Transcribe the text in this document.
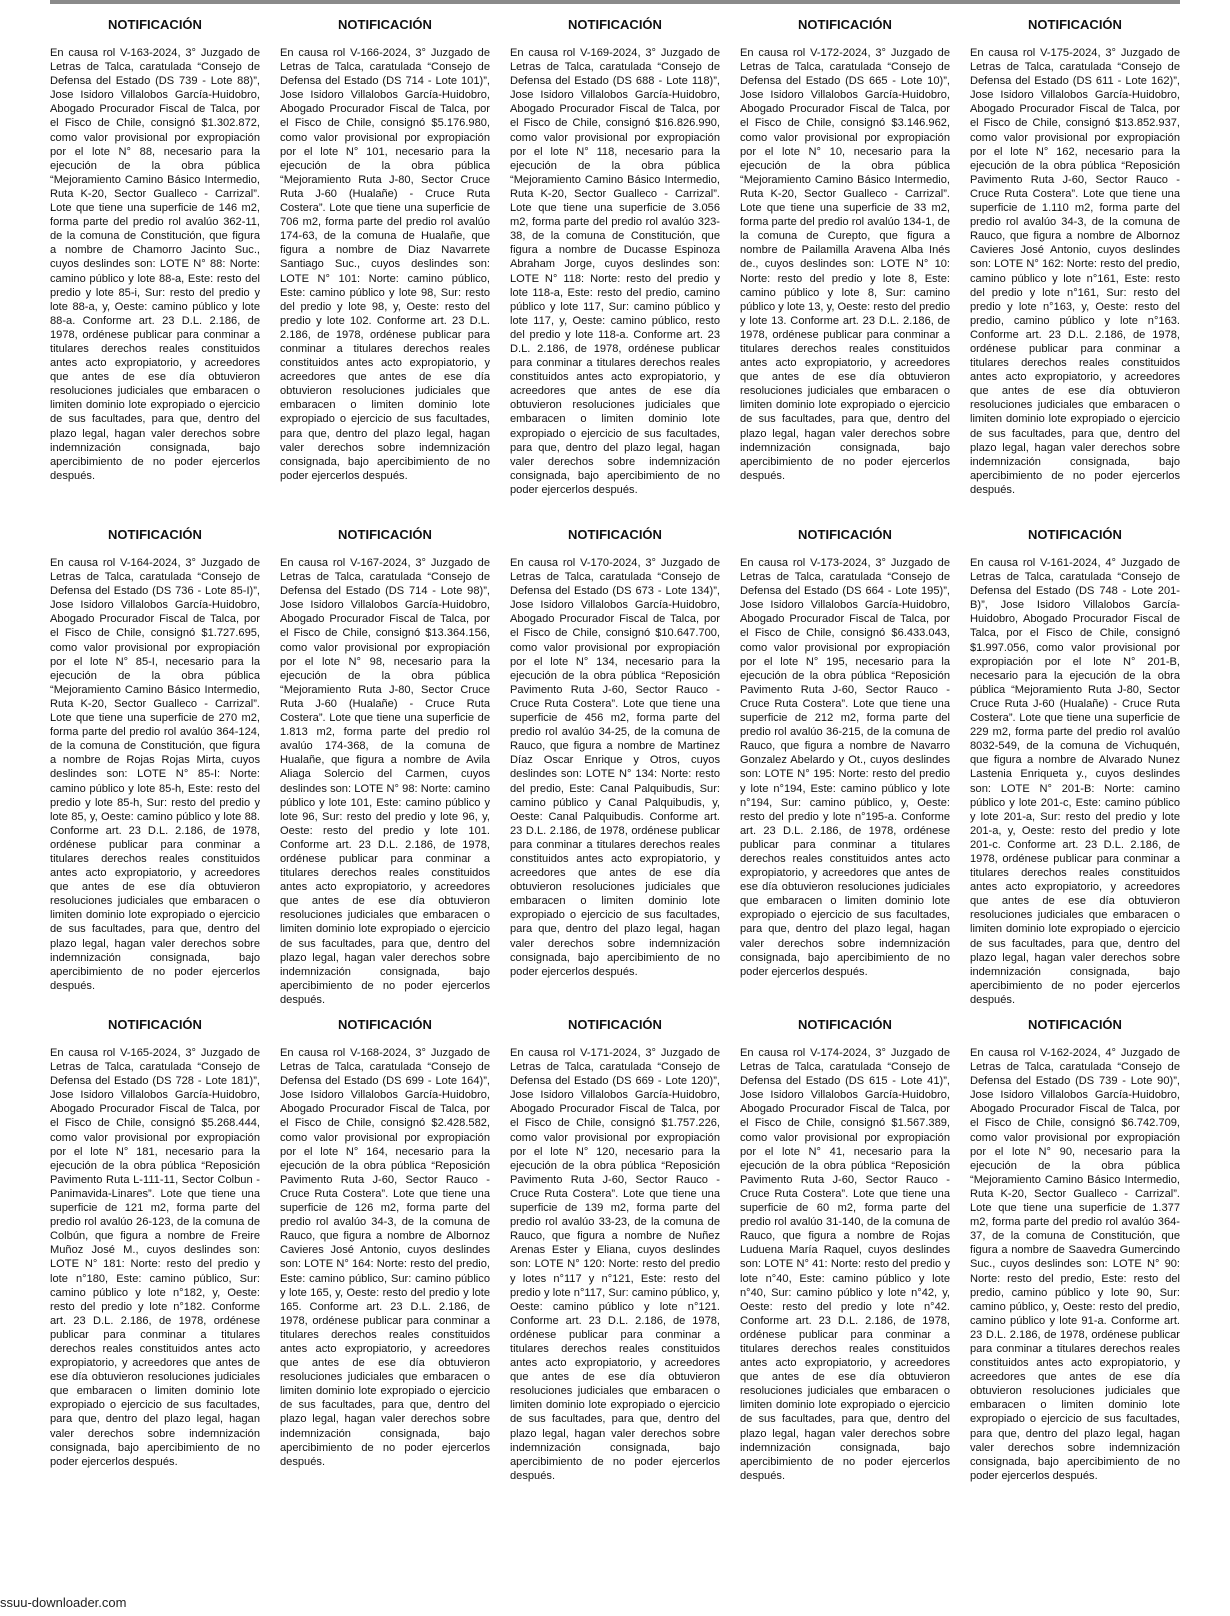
NOTIFICACIÓN

En causa rol V-163-2024, 3° Juzgado de Letras de Talca, caratulada “Consejo de Defensa del Estado (DS 739 - Lote 88)”, Jose Isidoro Villalobos García-Huidobro, Abogado Procurador Fiscal de Talca, por el Fisco de Chile, consignó $1.302.872, como valor provisional por expropiación por el lote N° 88, necesario para la ejecución de la obra pública “Mejoramiento Camino Básico Intermedio, Ruta K-20, Sector Gualleco - Carrizal”. Lote que tiene una superficie de 146 m2, forma parte del predio rol avalúo 362-11, de la comuna de Constitución, que figura a nombre de Chamorro Jacinto Suc., cuyos deslindes son: LOTE N° 88: Norte: camino público y lote 88-a, Este: resto del predio y lote 85-i, Sur: resto del predio y lote 88-a, y, Oeste: camino público y lote 88-a. Conforme art. 23 D.L. 2.186, de 1978, ordénese publicar para conminar a titulares derechos reales constituidos antes acto expropiatorio, y acreedores que antes de ese día obtuvieron resoluciones judiciales que embaracen o limiten dominio lote expropiado o ejercicio de sus facultades, para que, dentro del plazo legal, hagan valer derechos sobre indemnización consignada, bajo apercibimiento de no poder ejercerlos después.

NOTIFICACIÓN

En causa rol V-166-2024, 3° Juzgado de Letras de Talca, caratulada “Consejo de Defensa del Estado (DS 714 - Lote 101)”, Jose Isidoro Villalobos García-Huidobro, Abogado Procurador Fiscal de Talca, por el Fisco de Chile, consignó $5.176.980, como valor provisional por expropiación por el lote N° 101, necesario para la ejecución de la obra pública “Mejoramiento Ruta J-80, Sector Cruce Ruta J-60 (Hualañe) - Cruce Ruta Costera”. Lote que tiene una superficie de 706 m2, forma parte del predio rol avalúo 174-63, de la comuna de Hualañe, que figura a nombre de Diaz Navarrete Santiago Suc., cuyos deslindes son: LOTE N° 101: Norte: camino público, Este: camino público y lote 98, Sur: resto del predio y lote 98, y, Oeste: resto del predio y lote 102. Conforme art. 23 D.L. 2.186, de 1978, ordénese publicar para conminar a titulares derechos reales constituidos antes acto expropiatorio, y acreedores que antes de ese día obtuvieron resoluciones judiciales que embaracen o limiten dominio lote expropiado o ejercicio de sus facultades, para que, dentro del plazo legal, hagan valer derechos sobre indemnización consignada, bajo apercibimiento de no poder ejercerlos después.

NOTIFICACIÓN

En causa rol V-169-2024, 3° Juzgado de Letras de Talca, caratulada “Consejo de Defensa del Estado (DS 688 - Lote 118)”, Jose Isidoro Villalobos García-Huidobro, Abogado Procurador Fiscal de Talca, por el Fisco de Chile, consignó $16.826.990, como valor provisional por expropiación por el lote N° 118, necesario para la ejecución de la obra pública “Mejoramiento Camino Básico Intermedio, Ruta K-20, Sector Gualleco - Carrizal”. Lote que tiene una superficie de 3.056 m2, forma parte del predio rol avalúo 323-38, de la comuna de Constitución, que figura a nombre de Ducasse Espinoza Abraham Jorge, cuyos deslindes son: LOTE N° 118: Norte: resto del predio y lote 118-a, Este: resto del predio, camino público y lote 117, Sur: camino público y lote 117, y, Oeste: camino público, resto del predio y lote 118-a. Conforme art. 23 D.L. 2.186, de 1978, ordénese publicar para conminar a titulares derechos reales constituidos antes acto expropiatorio, y acreedores que antes de ese día obtuvieron resoluciones judiciales que embaracen o limiten dominio lote expropiado o ejercicio de sus facultades, para que, dentro del plazo legal, hagan valer derechos sobre indemnización consignada, bajo apercibimiento de no poder ejercerlos después.

NOTIFICACIÓN

En causa rol V-172-2024, 3° Juzgado de Letras de Talca, caratulada “Consejo de Defensa del Estado (DS 665 - Lote 10)”, Jose Isidoro Villalobos García-Huidobro, Abogado Procurador Fiscal de Talca, por el Fisco de Chile, consignó $3.146.962, como valor provisional por expropiación por el lote N° 10, necesario para la ejecución de la obra pública “Mejoramiento Camino Básico Intermedio, Ruta K-20, Sector Gualleco - Carrizal”. Lote que tiene una superficie de 33 m2, forma parte del predio rol avalúo 134-1, de la comuna de Curepto, que figura a nombre de Pailamilla Aravena Alba Inés de., cuyos deslindes son: LOTE N° 10: Norte: resto del predio y lote 8, Este: camino público y lote 8, Sur: camino público y lote 13, y, Oeste: resto del predio y lote 13. Conforme art. 23 D.L. 2.186, de 1978, ordénese publicar para conminar a titulares derechos reales constituidos antes acto expropiatorio, y acreedores que antes de ese día obtuvieron resoluciones judiciales que embaracen o limiten dominio lote expropiado o ejercicio de sus facultades, para que, dentro del plazo legal, hagan valer derechos sobre indemnización consignada, bajo apercibimiento de no poder ejercerlos después.

NOTIFICACIÓN

En causa rol V-175-2024, 3° Juzgado de Letras de Talca, caratulada “Consejo de Defensa del Estado (DS 611 - Lote 162)”, Jose Isidoro Villalobos García-Huidobro, Abogado Procurador Fiscal de Talca, por el Fisco de Chile, consignó $13.852.937, como valor provisional por expropiación por el lote N° 162, necesario para la ejecución de la obra pública “Reposición Pavimento Ruta J-60, Sector Rauco - Cruce Ruta Costera”. Lote que tiene una superficie de 1.110 m2, forma parte del predio rol avalúo 34-3, de la comuna de Rauco, que figura a nombre de Albornoz Cavieres José Antonio, cuyos deslindes son: LOTE N° 162: Norte: resto del predio, camino público y lote n°161, Este: resto del predio y lote n°161, Sur: resto del predio y lote n°163, y, Oeste: resto del predio, camino público y lote n°163. Conforme art. 23 D.L. 2.186, de 1978, ordénese publicar para conminar a titulares derechos reales constituidos antes acto expropiatorio, y acreedores que antes de ese día obtuvieron resoluciones judiciales que embaracen o limiten dominio lote expropiado o ejercicio de sus facultades, para que, dentro del plazo legal, hagan valer derechos sobre indemnización consignada, bajo apercibimiento de no poder ejercerlos después.

NOTIFICACIÓN

En causa rol V-164-2024, 3° Juzgado de Letras de Talca, caratulada “Consejo de Defensa del Estado (DS 736 - Lote 85-I)”, Jose Isidoro Villalobos García-Huidobro, Abogado Procurador Fiscal de Talca, por el Fisco de Chile, consignó $1.727.695, como valor provisional por expropiación por el lote N° 85-I, necesario para la ejecución de la obra pública “Mejoramiento Camino Básico Intermedio, Ruta K-20, Sector Gualleco - Carrizal”. Lote que tiene una superficie de 270 m2, forma parte del predio rol avalúo 364-124, de la comuna de Constitución, que figura a nombre de Rojas Rojas Mirta, cuyos deslindes son: LOTE N° 85-I: Norte: camino público y lote 85-h, Este: resto del predio y lote 85-h, Sur: resto del predio y lote 85, y, Oeste: camino público y lote 88. Conforme art. 23 D.L. 2.186, de 1978, ordénese publicar para conminar a titulares derechos reales constituidos antes acto expropiatorio, y acreedores que antes de ese día obtuvieron resoluciones judiciales que embaracen o limiten dominio lote expropiado o ejercicio de sus facultades, para que, dentro del plazo legal, hagan valer derechos sobre indemnización consignada, bajo apercibimiento de no poder ejercerlos después.

NOTIFICACIÓN

En causa rol V-167-2024, 3° Juzgado de Letras de Talca, caratulada “Consejo de Defensa del Estado (DS 714 - Lote 98)”, Jose Isidoro Villalobos García-Huidobro, Abogado Procurador Fiscal de Talca, por el Fisco de Chile, consignó $13.364.156, como valor provisional por expropiación por el lote N° 98, necesario para la ejecución de la obra pública “Mejoramiento Ruta J-80, Sector Cruce Ruta J-60 (Hualañe) - Cruce Ruta Costera”. Lote que tiene una superficie de 1.813 m2, forma parte del predio rol avalúo 174-368, de la comuna de Hualañe, que figura a nombre de Avila Aliaga Solercio del Carmen, cuyos deslindes son: LOTE N° 98: Norte: camino público y lote 101, Este: camino público y lote 96, Sur: resto del predio y lote 96, y, Oeste: resto del predio y lote 101. Conforme art. 23 D.L. 2.186, de 1978, ordénese publicar para conminar a titulares derechos reales constituidos antes acto expropiatorio, y acreedores que antes de ese día obtuvieron resoluciones judiciales que embaracen o limiten dominio lote expropiado o ejercicio de sus facultades, para que, dentro del plazo legal, hagan valer derechos sobre indemnización consignada, bajo apercibimiento de no poder ejercerlos después.

NOTIFICACIÓN

En causa rol V-170-2024, 3° Juzgado de Letras de Talca, caratulada “Consejo de Defensa del Estado (DS 673 - Lote 134)”, Jose Isidoro Villalobos García-Huidobro, Abogado Procurador Fiscal de Talca, por el Fisco de Chile, consignó $10.647.700, como valor provisional por expropiación por el lote N° 134, necesario para la ejecución de la obra pública “Reposición Pavimento Ruta J-60, Sector Rauco - Cruce Ruta Costera”. Lote que tiene una superficie de 456 m2, forma parte del predio rol avalúo 34-25, de la comuna de Rauco, que figura a nombre de Martinez Díaz Oscar Enrique y Otros, cuyos deslindes son: LOTE N° 134: Norte: resto del predio, Este: Canal Palquibudis, Sur: camino público y Canal Palquibudis, y, Oeste: Canal Palquibudis. Conforme art. 23 D.L. 2.186, de 1978, ordénese publicar para conminar a titulares derechos reales constituidos antes acto expropiatorio, y acreedores que antes de ese día obtuvieron resoluciones judiciales que embaracen o limiten dominio lote expropiado o ejercicio de sus facultades, para que, dentro del plazo legal, hagan valer derechos sobre indemnización consignada, bajo apercibimiento de no poder ejercerlos después.

NOTIFICACIÓN

En causa rol V-173-2024, 3° Juzgado de Letras de Talca, caratulada “Consejo de Defensa del Estado (DS 664 - Lote 195)”, Jose Isidoro Villalobos García-Huidobro, Abogado Procurador Fiscal de Talca, por el Fisco de Chile, consignó $6.433.043, como valor provisional por expropiación por el lote N° 195, necesario para la ejecución de la obra pública “Reposición Pavimento Ruta J-60, Sector Rauco - Cruce Ruta Costera”. Lote que tiene una superficie de 212 m2, forma parte del predio rol avalúo 36-215, de la comuna de Rauco, que figura a nombre de Navarro Gonzalez Abelardo y Ot., cuyos deslindes son: LOTE N° 195: Norte: resto del predio y lote n°194, Este: camino público y lote n°194, Sur: camino público, y, Oeste: resto del predio y lote n°195-a. Conforme art. 23 D.L. 2.186, de 1978, ordénese publicar para conminar a titulares derechos reales constituidos antes acto expropiatorio, y acreedores que antes de ese día obtuvieron resoluciones judiciales que embaracen o limiten dominio lote expropiado o ejercicio de sus facultades, para que, dentro del plazo legal, hagan valer derechos sobre indemnización consignada, bajo apercibimiento de no poder ejercerlos después.

NOTIFICACIÓN

En causa rol V-161-2024, 4° Juzgado de Letras de Talca, caratulada “Consejo de Defensa del Estado (DS 748 - Lote 201-B)”, Jose Isidoro Villalobos García-Huidobro, Abogado Procurador Fiscal de Talca, por el Fisco de Chile, consignó $1.997.056, como valor provisional por expropiación por el lote N° 201-B, necesario para la ejecución de la obra pública “Mejoramiento Ruta J-80, Sector Cruce Ruta J-60 (Hualañe) - Cruce Ruta Costera”. Lote que tiene una superficie de 229 m2, forma parte del predio rol avalúo 8032-549, de la comuna de Vichuquén, que figura a nombre de Alvarado Nunez Lastenia Enriqueta y., cuyos deslindes son: LOTE N° 201-B: Norte: camino público y lote 201-c, Este: camino público y lote 201-a, Sur: resto del predio y lote 201-a, y, Oeste: resto del predio y lote 201-c. Conforme art. 23 D.L. 2.186, de 1978, ordénese publicar para conminar a titulares derechos reales constituidos antes acto expropiatorio, y acreedores que antes de ese día obtuvieron resoluciones judiciales que embaracen o limiten dominio lote expropiado o ejercicio de sus facultades, para que, dentro del plazo legal, hagan valer derechos sobre indemnización consignada, bajo apercibimiento de no poder ejercerlos después.

NOTIFICACIÓN

En causa rol V-165-2024, 3° Juzgado de Letras de Talca, caratulada “Consejo de Defensa del Estado (DS 728 - Lote 181)”, Jose Isidoro Villalobos García-Huidobro, Abogado Procurador Fiscal de Talca, por el Fisco de Chile, consignó $5.268.444, como valor provisional por expropiación por el lote N° 181, necesario para la ejecución de la obra pública “Reposición Pavimento Ruta L-111-11, Sector Colbun - Panimavida-Linares”. Lote que tiene una superficie de 121 m2, forma parte del predio rol avalúo 26-123, de la comuna de Colbún, que figura a nombre de Freire Muñoz José M., cuyos deslindes son: LOTE N° 181: Norte: resto del predio y lote n°180, Este: camino público, Sur: camino público y lote n°182, y, Oeste: resto del predio y lote n°182. Conforme art. 23 D.L. 2.186, de 1978, ordénese publicar para conminar a titulares derechos reales constituidos antes acto expropiatorio, y acreedores que antes de ese día obtuvieron resoluciones judiciales que embaracen o limiten dominio lote expropiado o ejercicio de sus facultades, para que, dentro del plazo legal, hagan valer derechos sobre indemnización consignada, bajo apercibimiento de no poder ejercerlos después.

NOTIFICACIÓN

En causa rol V-168-2024, 3° Juzgado de Letras de Talca, caratulada “Consejo de Defensa del Estado (DS 699 - Lote 164)”, Jose Isidoro Villalobos García-Huidobro, Abogado Procurador Fiscal de Talca, por el Fisco de Chile, consignó $2.428.582, como valor provisional por expropiación por el lote N° 164, necesario para la ejecución de la obra pública “Reposición Pavimento Ruta J-60, Sector Rauco - Cruce Ruta Costera”. Lote que tiene una superficie de 126 m2, forma parte del predio rol avalúo 34-3, de la comuna de Rauco, que figura a nombre de Albornoz Cavieres José Antonio, cuyos deslindes son: LOTE N° 164: Norte: resto del predio, Este: camino público, Sur: camino público y lote 165, y, Oeste: resto del predio y lote 165. Conforme art. 23 D.L. 2.186, de 1978, ordénese publicar para conminar a titulares derechos reales constituidos antes acto expropiatorio, y acreedores que antes de ese día obtuvieron resoluciones judiciales que embaracen o limiten dominio lote expropiado o ejercicio de sus facultades, para que, dentro del plazo legal, hagan valer derechos sobre indemnización consignada, bajo apercibimiento de no poder ejercerlos después.

NOTIFICACIÓN

En causa rol V-171-2024, 3° Juzgado de Letras de Talca, caratulada “Consejo de Defensa del Estado (DS 669 - Lote 120)”, Jose Isidoro Villalobos García-Huidobro, Abogado Procurador Fiscal de Talca, por el Fisco de Chile, consignó $1.757.226, como valor provisional por expropiación por el lote N° 120, necesario para la ejecución de la obra pública “Reposición Pavimento Ruta J-60, Sector Rauco - Cruce Ruta Costera”. Lote que tiene una superficie de 139 m2, forma parte del predio rol avalúo 33-23, de la comuna de Rauco, que figura a nombre de Nuñez Arenas Ester y Eliana, cuyos deslindes son: LOTE N° 120: Norte: resto del predio y lotes n°117 y n°121, Este: resto del predio y lote n°117, Sur: camino público, y, Oeste: camino público y lote n°121. Conforme art. 23 D.L. 2.186, de 1978, ordénese publicar para conminar a titulares derechos reales constituidos antes acto expropiatorio, y acreedores que antes de ese día obtuvieron resoluciones judiciales que embaracen o limiten dominio lote expropiado o ejercicio de sus facultades, para que, dentro del plazo legal, hagan valer derechos sobre indemnización consignada, bajo apercibimiento de no poder ejercerlos después.

NOTIFICACIÓN

En causa rol V-174-2024, 3° Juzgado de Letras de Talca, caratulada “Consejo de Defensa del Estado (DS 615 - Lote 41)”, Jose Isidoro Villalobos García-Huidobro, Abogado Procurador Fiscal de Talca, por el Fisco de Chile, consignó $1.567.389, como valor provisional por expropiación por el lote N° 41, necesario para la ejecución de la obra pública “Reposición Pavimento Ruta J-60, Sector Rauco - Cruce Ruta Costera”. Lote que tiene una superficie de 60 m2, forma parte del predio rol avalúo 31-140, de la comuna de Rauco, que figura a nombre de Rojas Luduena María Raquel, cuyos deslindes son: LOTE N° 41: Norte: resto del predio y lote n°40, Este: camino público y lote n°40, Sur: camino público y lote n°42, y, Oeste: resto del predio y lote n°42. Conforme art. 23 D.L. 2.186, de 1978, ordénese publicar para conminar a titulares derechos reales constituidos antes acto expropiatorio, y acreedores que antes de ese día obtuvieron resoluciones judiciales que embaracen o limiten dominio lote expropiado o ejercicio de sus facultades, para que, dentro del plazo legal, hagan valer derechos sobre indemnización consignada, bajo apercibimiento de no poder ejercerlos después.

NOTIFICACIÓN

En causa rol V-162-2024, 4° Juzgado de Letras de Talca, caratulada “Consejo de Defensa del Estado (DS 739 - Lote 90)”, Jose Isidoro Villalobos García-Huidobro, Abogado Procurador Fiscal de Talca, por el Fisco de Chile, consignó $6.742.709, como valor provisional por expropiación por el lote N° 90, necesario para la ejecución de la obra pública “Mejoramiento Camino Básico Intermedio, Ruta K-20, Sector Gualleco - Carrizal”. Lote que tiene una superficie de 1.377 m2, forma parte del predio rol avalúo 364-37, de la comuna de Constitución, que figura a nombre de Saavedra Gumercindo Suc., cuyos deslindes son: LOTE N° 90: Norte: resto del predio, Este: resto del predio, camino público y lote 90, Sur: camino público, y, Oeste: resto del predio, camino público y lote 91-a. Conforme art. 23 D.L. 2.186, de 1978, ordénese publicar para conminar a titulares derechos reales constituidos antes acto expropiatorio, y acreedores que antes de ese día obtuvieron resoluciones judiciales que embaracen o limiten dominio lote expropiado o ejercicio de sus facultades, para que, dentro del plazo legal, hagan valer derechos sobre indemnización consignada, bajo apercibimiento de no poder ejercerlos después.

ssuu-downloader.com
